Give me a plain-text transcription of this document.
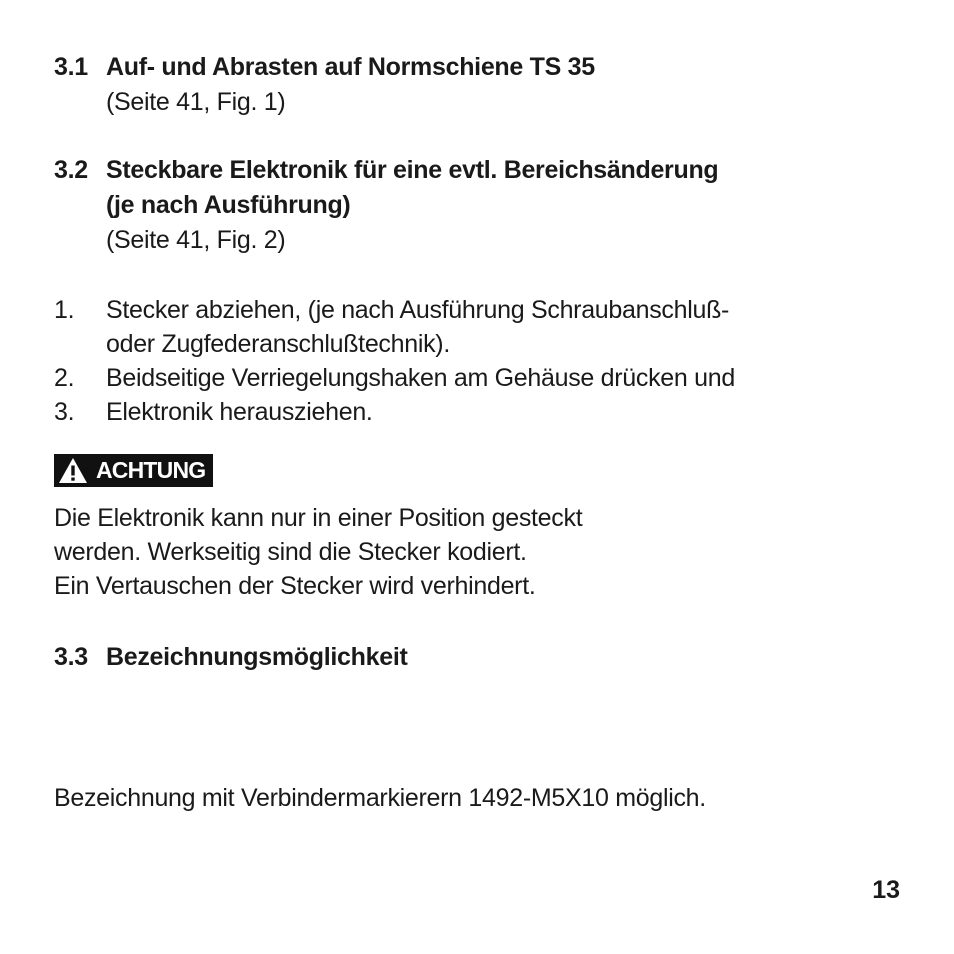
3.1 Auf- und Abrasten auf Normschiene TS 35
(Seite 41, Fig. 1)
3.2 Steckbare Elektronik für eine evtl. Bereichsänderung
(je nach Ausführung)
(Seite 41, Fig. 2)
1.	Stecker abziehen, (je nach Ausführung Schraubanschluß-
oder Zugfederanschlußtechnik).
2.	Beidseitige Verriegelungshaken am Gehäuse drücken und
3.	Elektronik herausziehen.
ACHTUNG
Die Elektronik kann nur in einer Position gesteckt
werden. Werkseitig sind die Stecker kodiert.
Ein Vertauschen der Stecker wird verhindert.
3.3 Bezeichnungsmöglichkeit
Bezeichnung mit Verbindermarkierern 1492-M5X10 möglich.
13
